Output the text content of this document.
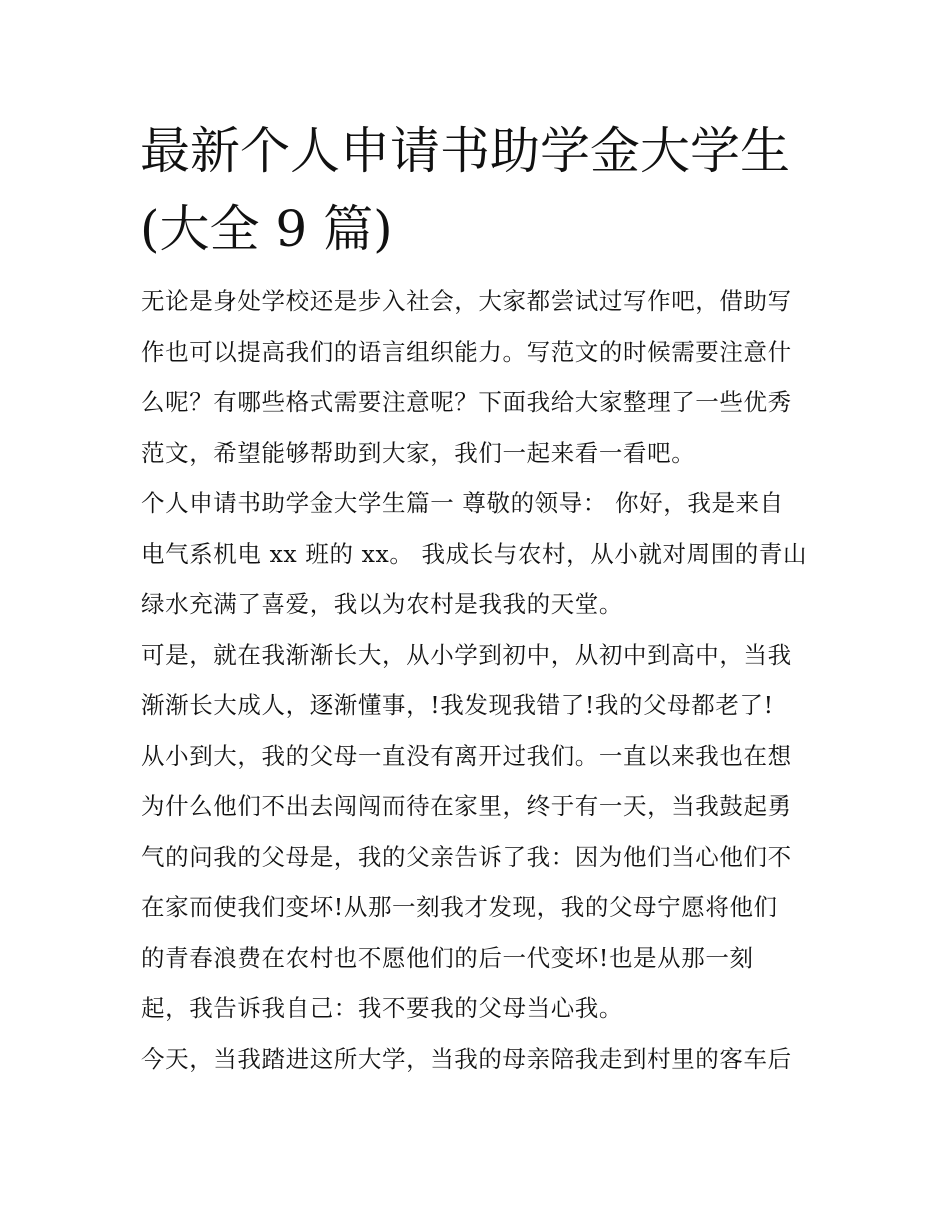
最新个人申请书助学金大学生
(大全 9 篇)
无论是身处学校还是步入社会，大家都尝试过写作吧，借助写
作也可以提高我们的语言组织能力。写范文的时候需要注意什
么呢？有哪些格式需要注意呢？下面我给大家整理了一些优秀
范文，希望能够帮助到大家，我们一起来看一看吧。
个人申请书助学金大学生篇一 尊敬的领导： 你好，我是来自
电气系机电 xx 班的 xx。 我成长与农村，从小就对周围的青山
绿水充满了喜爱，我以为农村是我我的天堂。
可是，就在我渐渐长大，从小学到初中，从初中到高中，当我
渐渐长大成人，逐渐懂事，!我发现我错了!我的父母都老了!
从小到大，我的父母一直没有离开过我们。一直以来我也在想
为什么他们不出去闯闯而待在家里，终于有一天，当我鼓起勇
气的问我的父母是，我的父亲告诉了我：因为他们当心他们不
在家而使我们变坏!从那一刻我才发现，我的父母宁愿将他们
的青春浪费在农村也不愿他们的后一代变坏!也是从那一刻
起，我告诉我自己：我不要我的父母当心我。
今天，当我踏进这所大学，当我的母亲陪我走到村里的客车后
